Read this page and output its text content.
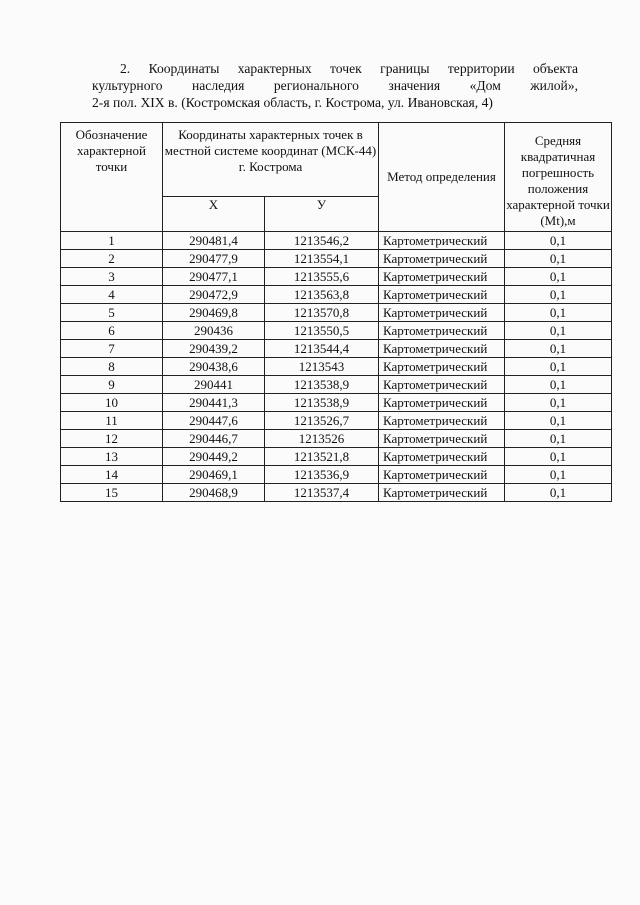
2. Координаты характерных точек границы территории объекта
культурного наследия регионального значения «Дом жилой»,
2-я пол. XIX в. (Костромская область, г. Кострома, ул. Ивановская, 4)
Обозначение характерной точки	Координаты характерных точек в местной системе координат (МСК-44) г. Кострома		Метод определения	Средняя квадратичная погрешность положения характерной точки (Mt),м
	Х	У		
1	290481,4	1213546,2	Картометрический	0,1
2	290477,9	1213554,1	Картометрический	0,1
3	290477,1	1213555,6	Картометрический	0,1
4	290472,9	1213563,8	Картометрический	0,1
5	290469,8	1213570,8	Картометрический	0,1
6	290436	1213550,5	Картометрический	0,1
7	290439,2	1213544,4	Картометрический	0,1
8	290438,6	1213543	Картометрический	0,1
9	290441	1213538,9	Картометрический	0,1
10	290441,3	1213538,9	Картометрический	0,1
11	290447,6	1213526,7	Картометрический	0,1
12	290446,7	1213526	Картометрический	0,1
13	290449,2	1213521,8	Картометрический	0,1
14	290469,1	1213536,9	Картометрический	0,1
15	290468,9	1213537,4	Картометрический	0,1
